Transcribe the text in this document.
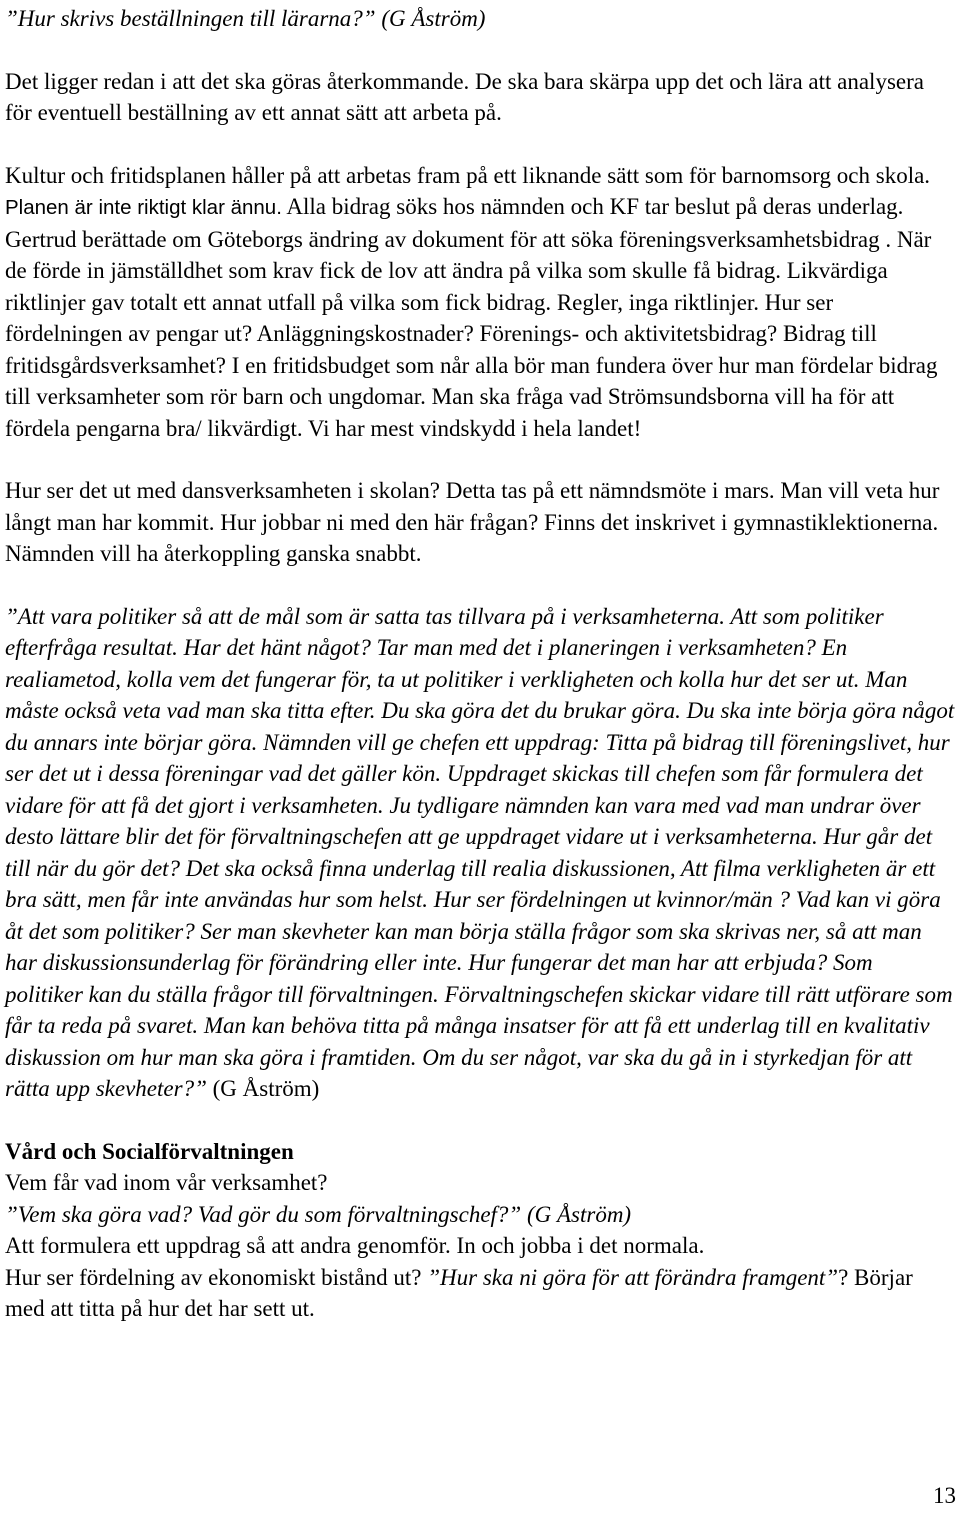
”Hur skrivs beställningen till lärarna?” (G Åström)

Det ligger redan i att det ska göras återkommande. De ska bara skärpa upp det och lära att analysera för eventuell beställning av ett annat sätt att arbeta på.

Kultur och fritidsplanen håller på att arbetas fram på ett liknande sätt som för barnomsorg och skola. Planen är inte riktigt klar ännu. Alla bidrag söks hos nämnden och KF tar beslut på deras underlag. Gertrud berättade om Göteborgs ändring av dokument för att söka föreningsverksamhetsbidrag . När de förde in jämställdhet som krav fick de lov att ändra på vilka som skulle få bidrag. Likvärdiga riktlinjer gav totalt ett annat utfall på vilka som fick bidrag. Regler, inga riktlinjer. Hur ser fördelningen av pengar ut? Anläggningskostnader? Förenings- och aktivitetsbidrag? Bidrag till fritidsgårdsverksamhet? I en fritidsbudget som når alla bör man fundera över hur man fördelar bidrag till verksamheter som rör barn och ungdomar. Man ska fråga vad Strömsundsborna vill ha för att fördela pengarna bra/ likvärdigt. Vi har mest vindskydd i hela landet!

Hur ser det ut med dansverksamheten i skolan? Detta tas på ett nämndsmöte i mars. Man vill veta hur långt man har kommit. Hur jobbar ni med den här frågan? Finns det inskrivet i gymnastiklektionerna. Nämnden vill ha återkoppling ganska snabbt.

”Att vara politiker så att de mål som är satta tas tillvara på i verksamheterna. Att som politiker efterfråga resultat. Har det hänt något? Tar man med det i planeringen i verksamheten? En realiametod, kolla vem det fungerar för, ta ut politiker i verkligheten och kolla hur det ser ut. Man måste också veta vad man ska titta efter. Du ska göra det du brukar göra. Du ska inte börja göra något du annars inte börjar göra. Nämnden vill ge chefen ett uppdrag: Titta på bidrag till föreningslivet, hur ser det ut i dessa föreningar vad det gäller kön. Uppdraget skickas till chefen som får formulera det vidare för att få det gjort i verksamheten. Ju tydligare nämnden kan vara med vad man undrar över desto lättare blir det för förvaltningschefen att ge uppdraget vidare ut i verksamheterna. Hur går det till när du gör det? Det ska också finna underlag till realia diskussionen, Att filma verkligheten är ett bra sätt, men får inte användas hur som helst. Hur ser fördelningen ut kvinnor/män ? Vad kan vi göra åt det som politiker? Ser man skevheter kan man börja ställa frågor som ska skrivas ner, så att man har diskussionsunderlag för förändring eller inte. Hur fungerar det man har att erbjuda? Som politiker kan du ställa frågor till förvaltningen. Förvaltningschefen skickar vidare till rätt utförare som får ta reda på svaret. Man kan behöva titta på många insatser för att få ett underlag till en kvalitativ diskussion om hur man ska göra i framtiden. Om du ser något, var ska du gå in i styrkedjan för att rätta upp skevheter?” (G Åström)

Vård och Socialförvaltningen

Vem får vad inom vår verksamhet?

”Vem ska göra vad? Vad gör du som förvaltningschef?” (G Åström)

Att formulera ett uppdrag så att andra genomför. In och jobba i det normala.

Hur ser fördelning av ekonomiskt bistånd ut? ”Hur ska ni göra för att förändra framgent”? Börjar med att titta på hur det har sett ut.

13
